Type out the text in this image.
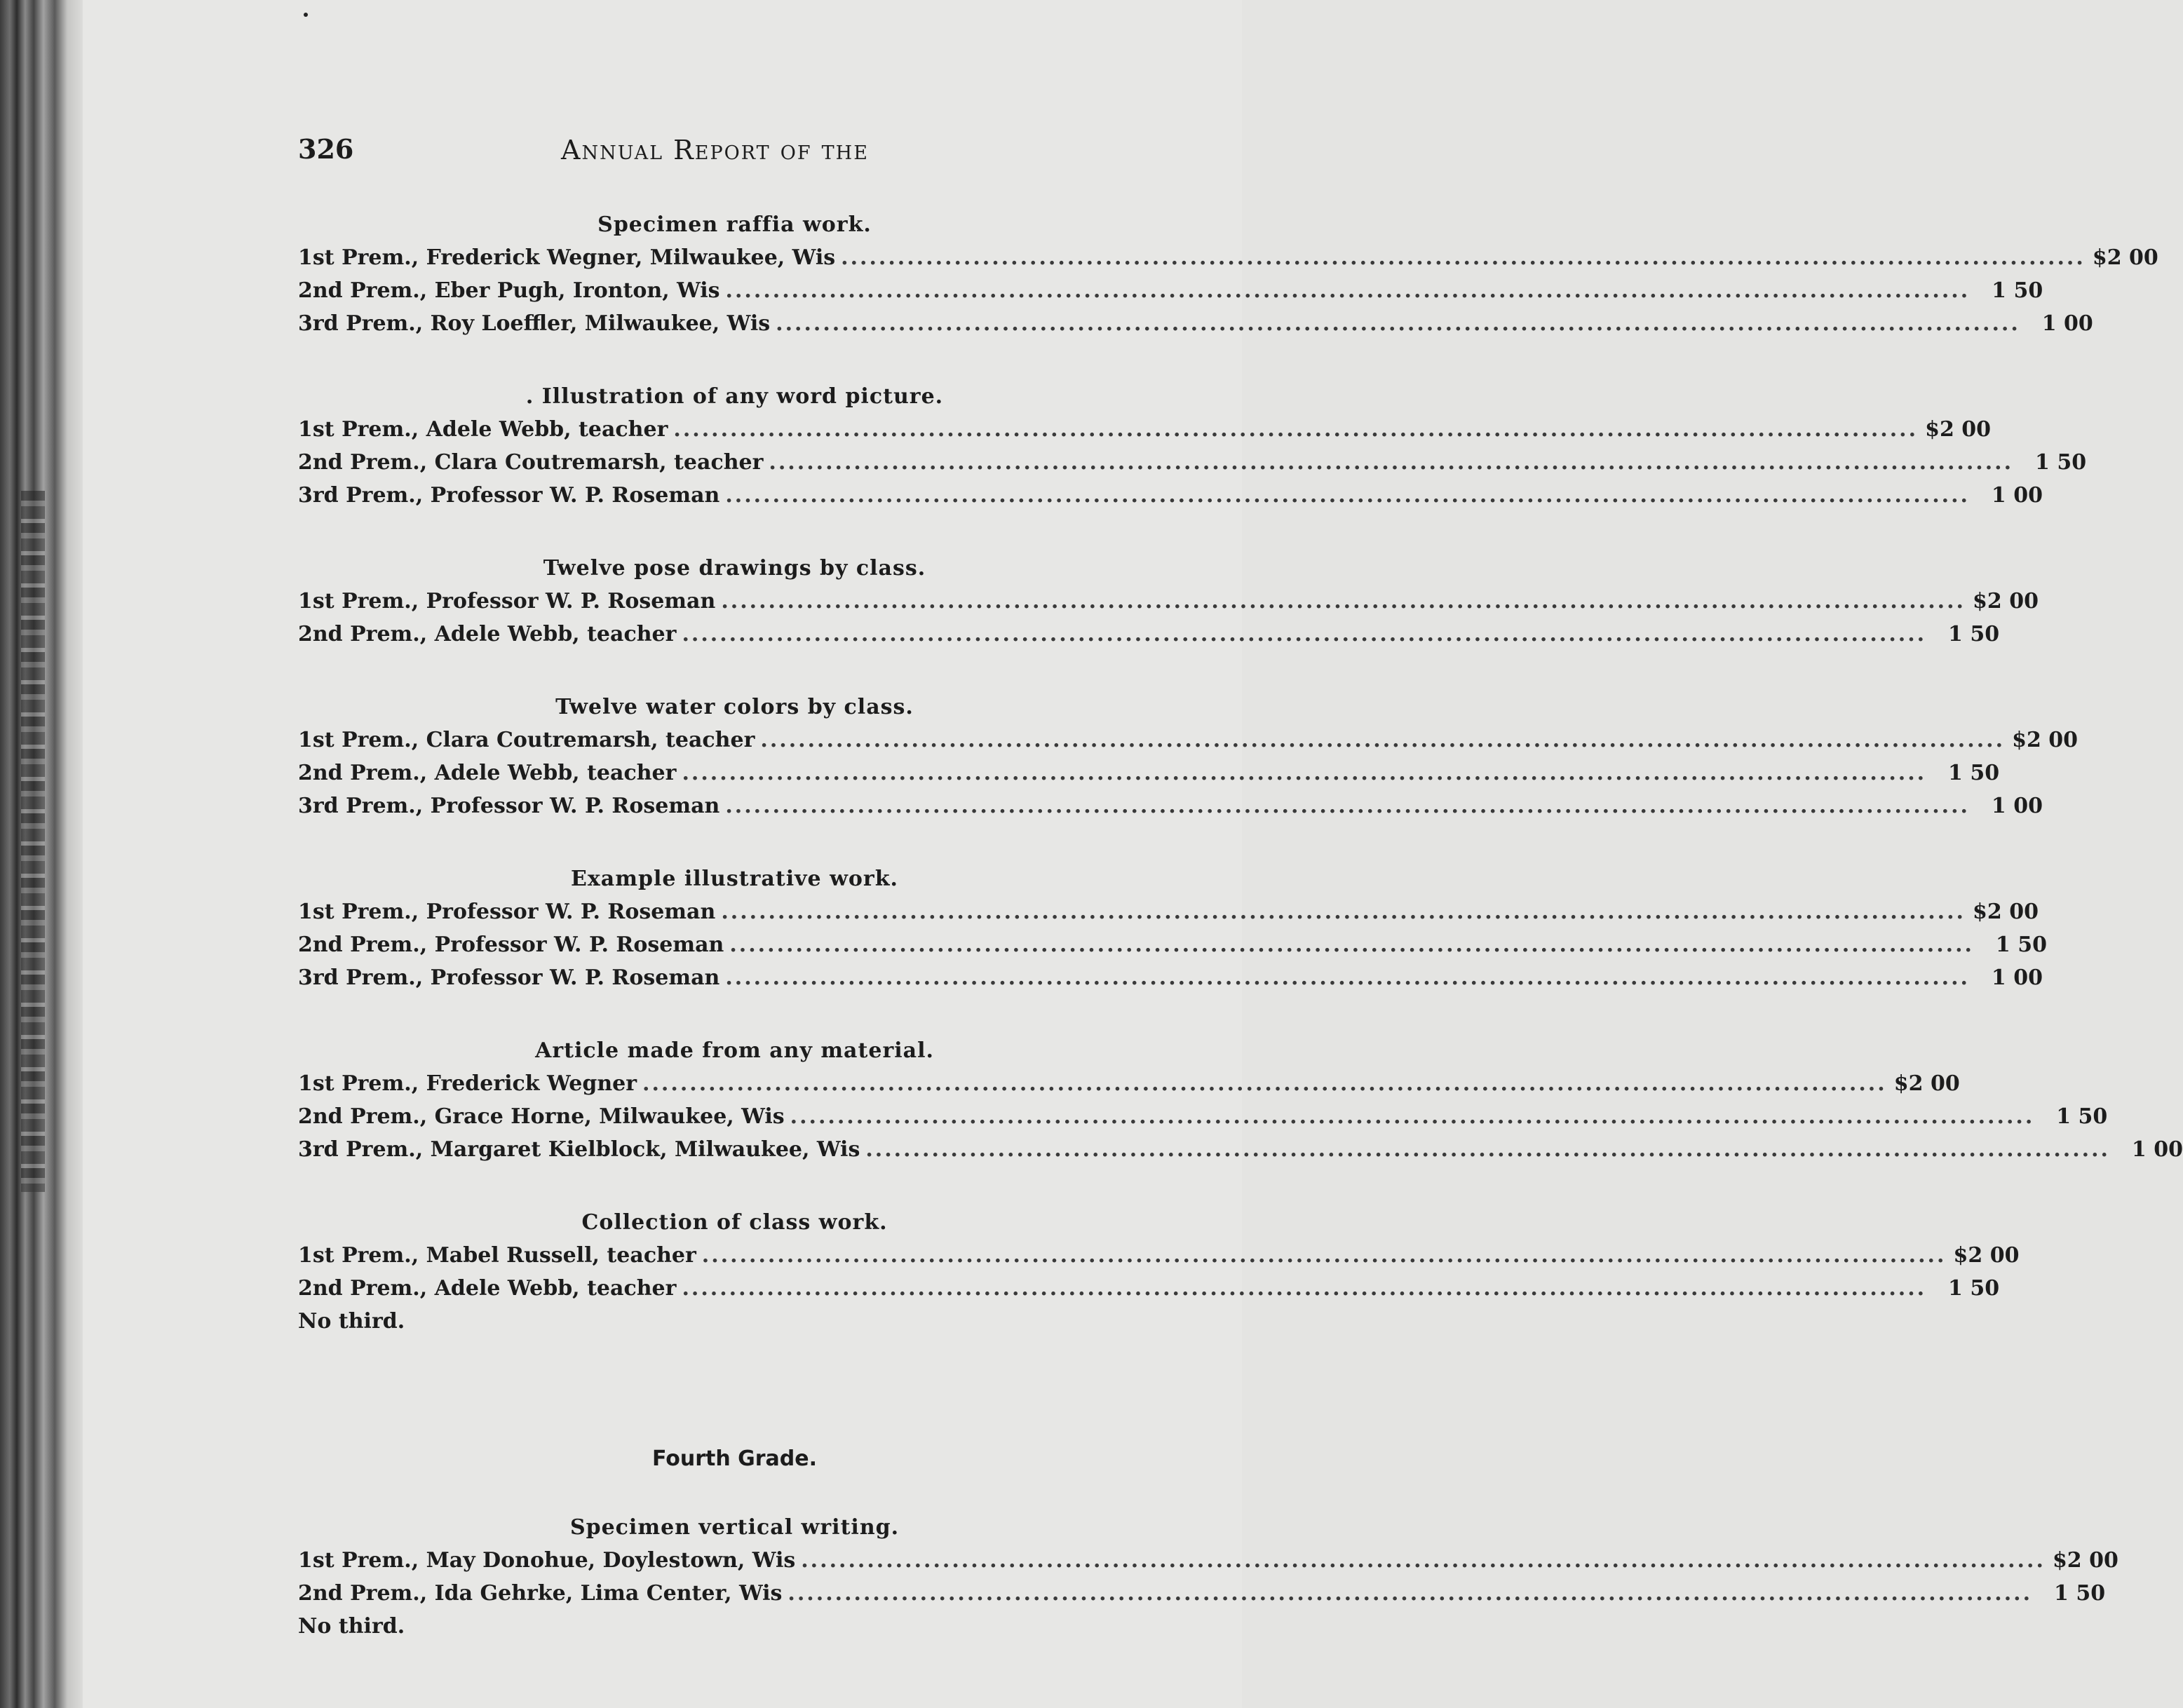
326	Annual Report of the
Specimen raffia work.
1st Prem., Frederick Wegner, Milwaukee, Wis .................................................................................................................................... $2 00
2nd Prem., Eber Pugh, Ironton, Wis ....................................................................................................................................	1 50
3rd Prem., Roy Loeffler, Milwaukee, Wis ....................................................................................................................................	1 00
. Illustration of any word picture.
1st Prem., Adele Webb, teacher .................................................................................................................................... $2 00
2nd Prem., Clara Coutremarsh, teacher ....................................................................................................................................	1 50
3rd Prem., Professor W. P. Roseman ....................................................................................................................................	1 00
Twelve pose drawings by class.
1st Prem., Professor W. P. Roseman .................................................................................................................................... $2 00
2nd Prem., Adele Webb, teacher ....................................................................................................................................	1 50
Twelve water colors by class.
1st Prem., Clara Coutremarsh, teacher .................................................................................................................................... $2 00
2nd Prem., Adele Webb, teacher ....................................................................................................................................	1 50
3rd Prem., Professor W. P. Roseman ....................................................................................................................................	1 00
Example illustrative work.
1st Prem., Professor W. P. Roseman .................................................................................................................................... $2 00
2nd Prem., Professor W. P. Roseman ....................................................................................................................................	1 50
3rd Prem., Professor W. P. Roseman ....................................................................................................................................	1 00
Article made from any material.
1st Prem., Frederick Wegner .................................................................................................................................... $2 00
2nd Prem., Grace Horne, Milwaukee, Wis ....................................................................................................................................	1 50
3rd Prem., Margaret Kielblock, Milwaukee, Wis ....................................................................................................................................	1 00
Collection of class work.
1st Prem., Mabel Russell, teacher .................................................................................................................................... $2 00
2nd Prem., Adele Webb, teacher ....................................................................................................................................	1 50
No third.
Fourth Grade.
Specimen vertical writing.
1st Prem., May Donohue, Doylestown, Wis .................................................................................................................................... $2 00
2nd Prem., Ida Gehrke, Lima Center, Wis ....................................................................................................................................	1 50
No third.
